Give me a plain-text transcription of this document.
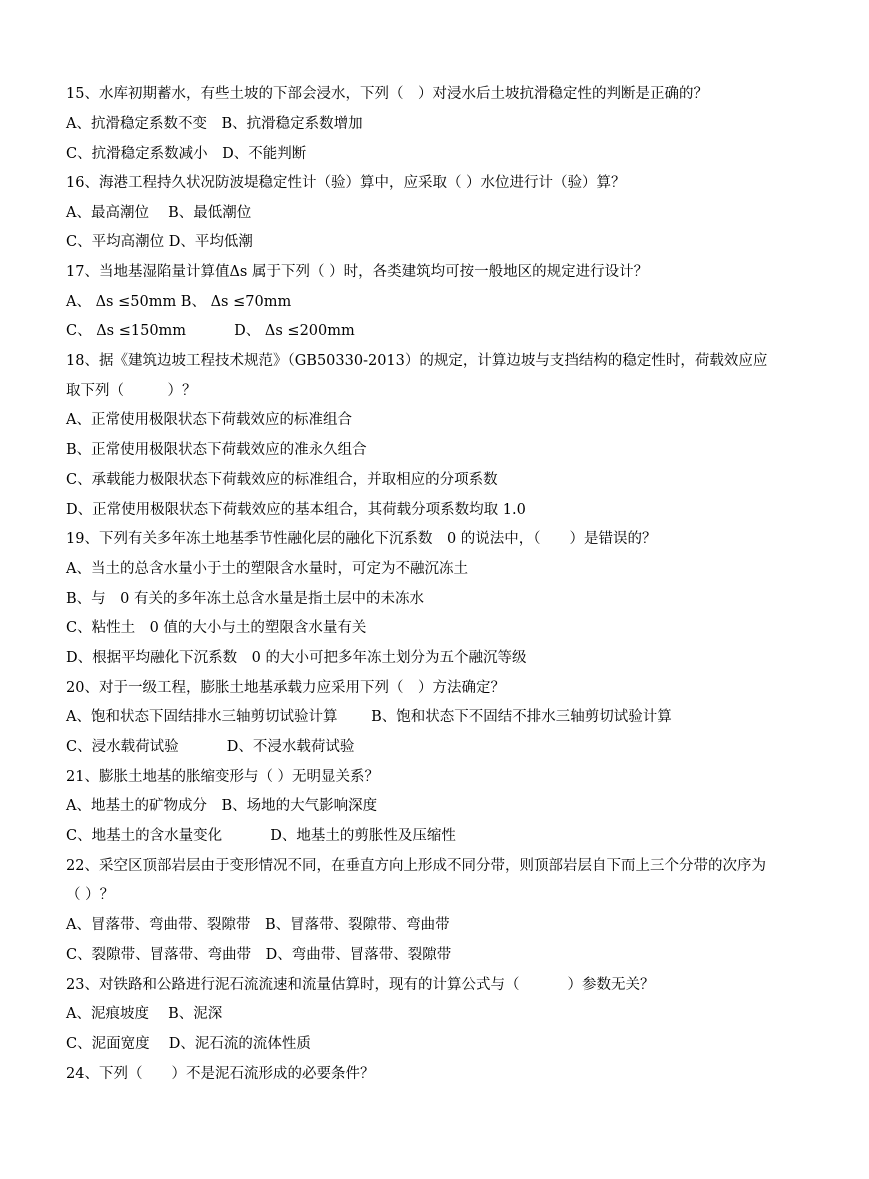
15、水库初期蓄水，有些土坡的下部会浸水，下列（　）对浸水后土坡抗滑稳定性的判断是正确的？
A、抗滑稳定系数不变　B、抗滑稳定系数增加
C、抗滑稳定系数减小　D、不能判断
16、海港工程持久状况防波堤稳定性计（验）算中，应采取（ ）水位进行计（验）算？
A、最高潮位　 B、最低潮位
C、平均高潮位 D、平均低潮
17、当地基湿陷量计算值Δs 属于下列（ ）时，各类建筑均可按一般地区的规定进行设计？
A、 Δs ≤50mm B、 Δs ≤70mm
C、 Δs ≤150mm　　　 D、 Δs ≤200mm
18、据《建筑边坡工程技术规范》（GB50330-2013）的规定，计算边坡与支挡结构的稳定性时，荷载效应应
取下列（　　　）？
A、正常使用极限状态下荷载效应的标准组合
B、正常使用极限状态下荷载效应的准永久组合
C、承载能力极限状态下荷载效应的标准组合，并取相应的分项系数
D、正常使用极限状态下荷载效应的基本组合，其荷载分项系数均取 1.0
19、下列有关多年冻土地基季节性融化层的融化下沉系数　0 的说法中，（　　）是错误的？
A、当土的总含水量小于土的塑限含水量时，可定为不融沉冻土
B、与　0 有关的多年冻土总含水量是指土层中的未冻水
C、粘性土　0 值的大小与土的塑限含水量有关
D、根据平均融化下沉系数　0 的大小可把多年冻土划分为五个融沉等级
20、对于一级工程，膨胀土地基承载力应采用下列（　）方法确定？
A、饱和状态下固结排水三轴剪切试验计算　　 B、饱和状态下不固结不排水三轴剪切试验计算
C、浸水载荷试验　　　 D、不浸水载荷试验
21、膨胀土地基的胀缩变形与（ ）无明显关系？
A、地基土的矿物成分　B、场地的大气影响深度
C、地基土的含水量变化　　　 D、地基土的剪胀性及压缩性
22、采空区顶部岩层由于变形情况不同，在垂直方向上形成不同分带，则顶部岩层自下而上三个分带的次序为
（ ）？
A、冒落带、弯曲带、裂隙带　B、冒落带、裂隙带、弯曲带
C、裂隙带、冒落带、弯曲带　D、弯曲带、冒落带、裂隙带
23、对铁路和公路进行泥石流流速和流量估算时，现有的计算公式与（　　　 ）参数无关？
A、泥痕坡度　 B、泥深
C、泥面宽度　 D、泥石流的流体性质
24、下列（　　）不是泥石流形成的必要条件？
